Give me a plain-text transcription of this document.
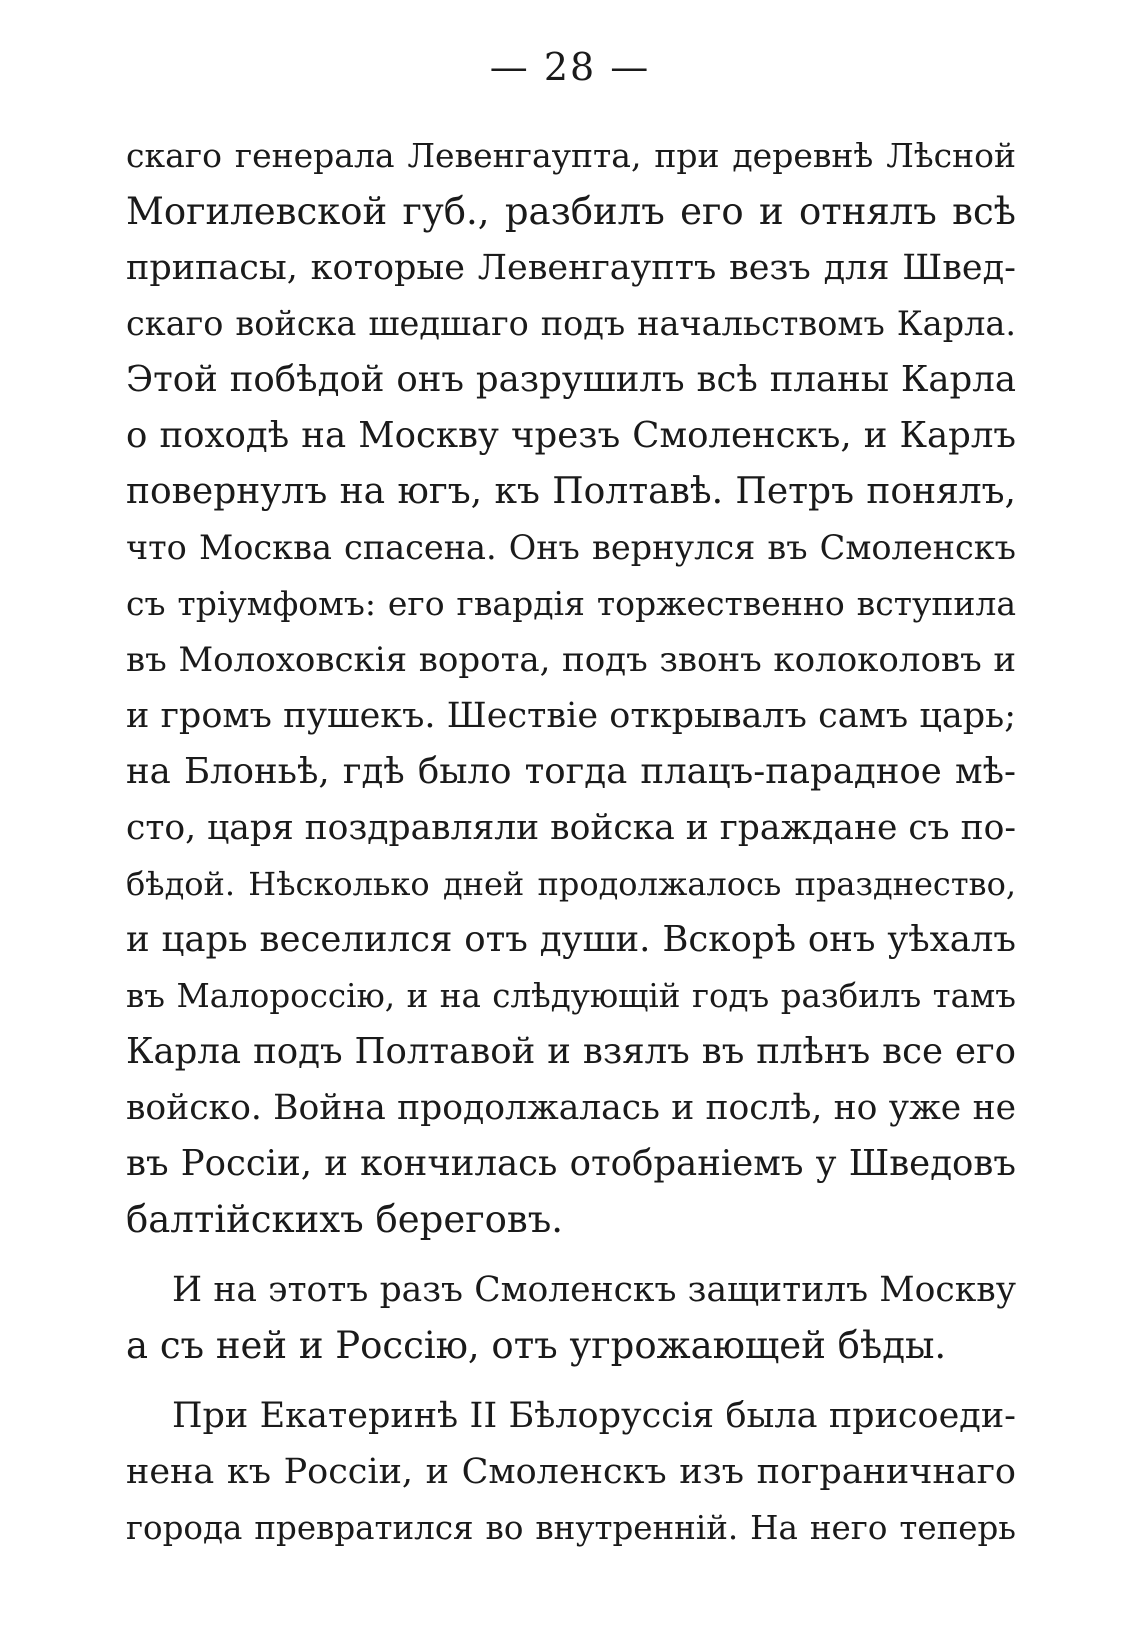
— 28 —
скаго генерала Левенгаупта, при деревнѣ Лѣсной
Могилевской губ., разбилъ его и отнялъ всѣ
припасы, которые Левенгауптъ везъ для Швед-
скаго войска шедшаго подъ начальствомъ Карла.
Этой побѣдой онъ разрушилъ всѣ планы Карла
о походѣ на Москву чрезъ Смоленскъ, и Карлъ
повернулъ на югъ, къ Полтавѣ. Петръ понялъ,
что Москва спасена. Онъ вернулся въ Смоленскъ
съ тріумфомъ: его гвардія торжественно вступила
въ Молоховскія ворота, подъ звонъ колоколовъ и
и громъ пушекъ. Шествіе открывалъ самъ царь;
на Блоньѣ, гдѣ было тогда плацъ-парадное мѣ-
сто, царя поздравляли войска и граждане съ по-
бѣдой. Нѣсколько дней продолжалось празднество,
и царь веселился отъ души. Вскорѣ онъ уѣхалъ
въ Малороссію, и на слѣдующій годъ разбилъ тамъ
Карла подъ Полтавой и взялъ въ плѣнъ все его
войско. Война продолжалась и послѣ, но уже не
въ Россіи, и кончилась отобраніемъ у Шведовъ
балтійскихъ береговъ.
И на этотъ разъ Смоленскъ защитилъ Москву
а съ ней и Россію, отъ угрожающей бѣды.
При Екатеринѣ II Бѣлоруссія была присоеди-
нена къ Россіи, и Смоленскъ изъ пограничнаго
города превратился во внутренній. На него теперь
